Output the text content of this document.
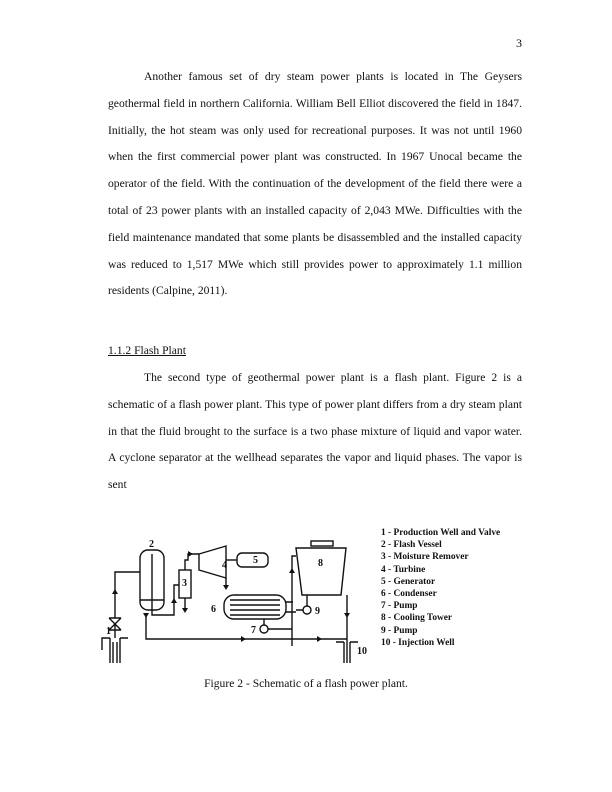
3

Another famous set of dry steam power plants is located in The Geysers geothermal field in northern California. William Bell Elliot discovered the field in 1847. Initially, the hot steam was only used for recreational purposes. It was not until 1960 when the first commercial power plant was constructed. In 1967 Unocal became the operator of the field. With the continuation of the development of the field there were a total of 23 power plants with an installed capacity of 2,043 MWe. Difficulties with the field maintenance mandated that some plants be disassembled and the installed capacity was reduced to 1,517 MWe which still provides power to approximately 1.1 million residents (Calpine, 2011).

1.1.2 Flash Plant

The second type of geothermal power plant is a flash plant. Figure 2 is a schematic of a flash power plant. This type of power plant differs from a dry steam plant in that the fluid brought to the surface is a two phase mixture of liquid and vapor water. A cyclone separator at the wellhead separates the vapor and liquid phases. The vapor is sent

1
2
3
4	5
6
7
8
9
10
1 - Production Well and Valve
2 - Flash Vessel
3 - Moisture Remover
4 - Turbine
5 - Generator
6 - Condenser
7 - Pump
8 - Cooling Tower
9 - Pump
10 - Injection Well
Figure 2 - Schematic of a flash power plant.
